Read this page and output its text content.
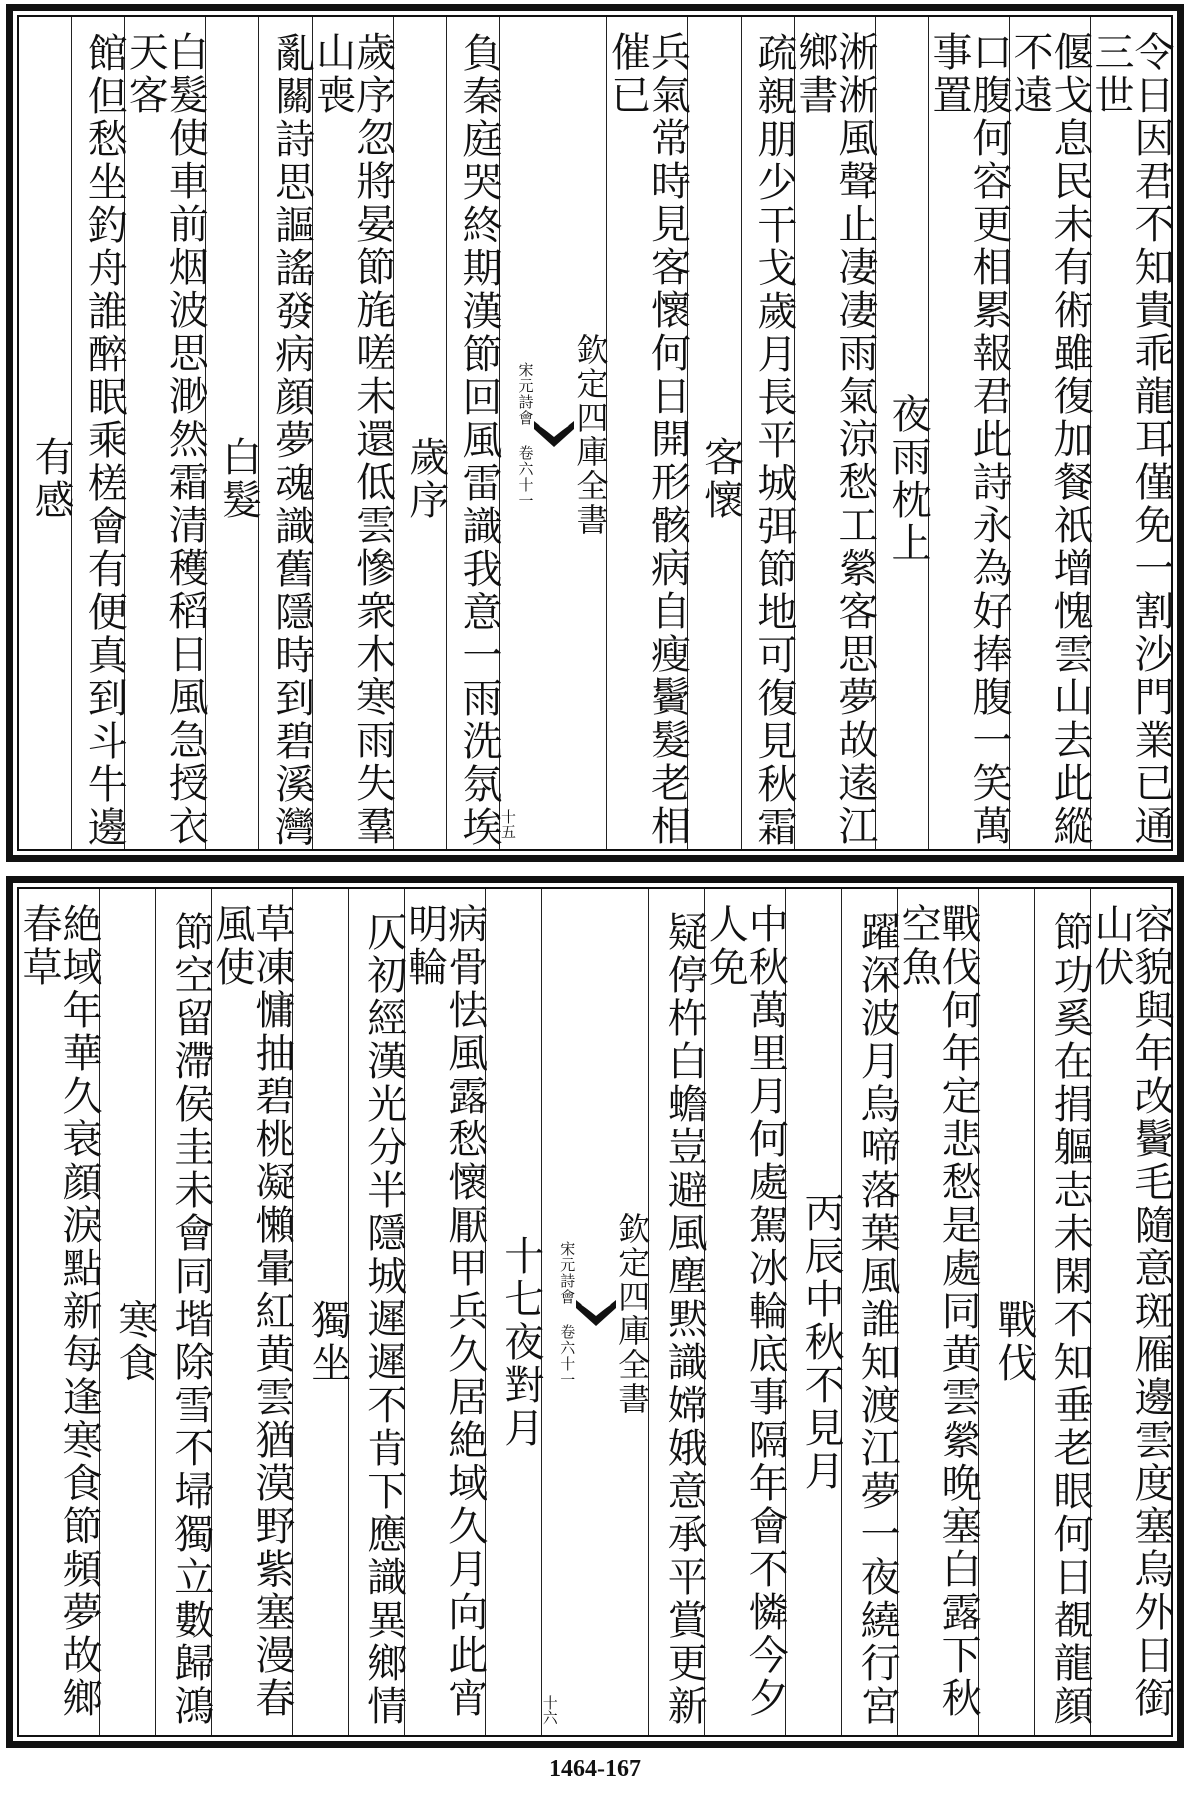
令日因君不知貴乖龍耳僅免一割沙門業已通三世
偃戈息民未有術雖復加餐祇增愧雲山去此縱不遠
口腹何容更相累報君此詩永為好捧腹一笑萬事置
夜雨枕上
淅淅風聲止凄凄雨氣涼愁工縈客思夢故逺江鄉書
疏親朋少干戈歲月長平城弭節地可復見秋霜
客懷
兵氣常時見客懷何日開形骸病自瘦鬢髮老相催已
欽定四庫全書
宋元詩會 卷六十一
十五
負秦庭哭終期漢節回風雷識我意一雨洗氛埃
歲序
歲序忽將晏節旄嗟未還低雲慘衆木寒雨失羣山喪
亂關詩思謳謠發病顔夢魂識舊隱時到碧溪灣
白髮
白髮使車前烟波思渺然霜清穫稻日風急授衣天客
館但愁坐釣舟誰醉眠乘槎會有便真到斗牛邊
有感
容貌與年改鬢毛隨意斑雁邊雲度塞烏外日銜山伏
節功奚在捐軀志未閑不知垂老眼何日覩龍顔
戰伐
戰伐何年定悲愁是處同黄雲縈晚塞白露下秋空魚
躍深波月烏啼落葉風誰知渡江夢一夜繞行宮
丙辰中秋不見月
中秋萬里月何處駕冰輪底事隔年會不憐今夕人免
疑停杵白蟾豈避風塵黙識嫦娥意承平賞更新
欽定四庫全書
宋元詩會 卷六十一
十六
十七夜對月
病骨怯風露愁懷厭甲兵久居絶域久月向此宵明輪
仄初經漢光分半隱城遲遲不肯下應識異鄉情
獨坐
草凍慵抽碧桃凝懶暈紅黄雲猶漠野紫塞漫春風使
節空留滯侯圭未會同堦除雪不埽獨立數歸鴻
寒食
絶域年華久衰顔淚點新每逢寒食節頻夢故鄉春草
1464-167
